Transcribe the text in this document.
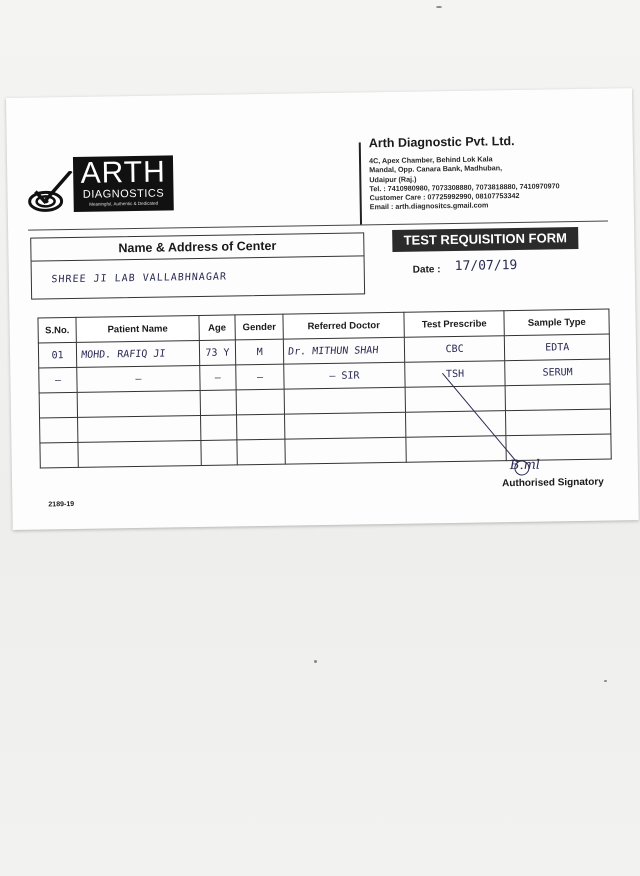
ARTH
DIAGNOSTICS
Meaningful, Authentic & Dedicated
Arth Diagnostic Pvt. Ltd.
4C, Apex Chamber, Behind Lok Kala
Mandal, Opp. Canara Bank, Madhuban,
Udaipur (Raj.)
Tel. : 7410980980, 7073308880, 7073818880, 7410970970
Customer Care : 07725992990, 08107753342
Email : arth.diagnositcs.gmail.com
Name & Address of Center
SHREE JI LAB VALLABHNAGAR
TEST REQUISITION FORM
Date : 17/07/19
S.No.	Patient Name	Age	Gender	Referred Doctor	Test Prescribe	Sample Type
01	MOHD. RAFIQ JI	73 Y	M	Dr. MITHUN SHAH	CBC	EDTA
—	—	—	—	— SIR	TSH	SERUM

B.ml
Authorised Signatory
2189-19
